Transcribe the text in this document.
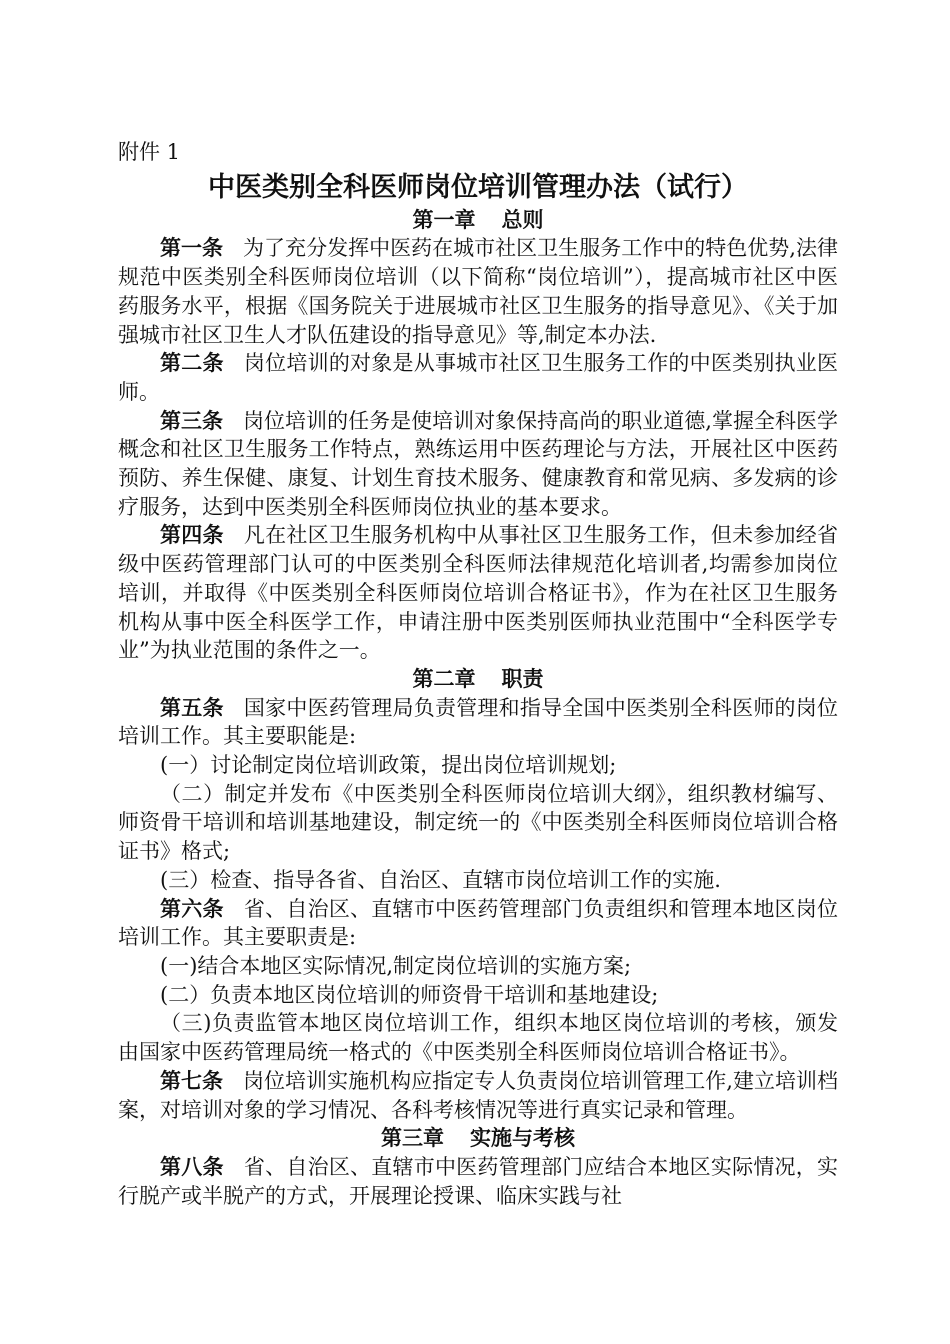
附件 1
中医类别全科医师岗位培训管理办法（试行）
第一章 总则

第一条 为了充分发挥中医药在城市社区卫生服务工作中的特色优势,法律规范中医类别全科医师岗位培训（以下简称“岗位培训”），提高城市社区中医药服务水平，根据《国务院关于进展城市社区卫生服务的指导意见》、《关于加强城市社区卫生人才队伍建设的指导意见》等,制定本办法.

第二条 岗位培训的对象是从事城市社区卫生服务工作的中医类别执业医师。

第三条 岗位培训的任务是使培训对象保持高尚的职业道德,掌握全科医学概念和社区卫生服务工作特点，熟练运用中医药理论与方法，开展社区中医药预防、养生保健、康复、计划生育技术服务、健康教育和常见病、多发病的诊疗服务，达到中医类别全科医师岗位执业的基本要求。

第四条 凡在社区卫生服务机构中从事社区卫生服务工作，但未参加经省级中医药管理部门认可的中医类别全科医师法律规范化培训者,均需参加岗位培训，并取得《中医类别全科医师岗位培训合格证书》，作为在社区卫生服务机构从事中医全科医学工作，申请注册中医类别医师执业范围中“全科医学专业”为执业范围的条件之一。

第二章 职责

第五条 国家中医药管理局负责管理和指导全国中医类别全科医师的岗位培训工作。其主要职能是:

(一）讨论制定岗位培训政策，提出岗位培训规划;

（二）制定并发布《中医类别全科医师岗位培训大纲》，组织教材编写、师资骨干培训和培训基地建设，制定统一的《中医类别全科医师岗位培训合格证书》格式;

(三）检查、指导各省、自治区、直辖市岗位培训工作的实施.

第六条 省、自治区、直辖市中医药管理部门负责组织和管理本地区岗位培训工作。其主要职责是:

(一)结合本地区实际情况,制定岗位培训的实施方案;

(二）负责本地区岗位培训的师资骨干培训和基地建设;

（三)负责监管本地区岗位培训工作，组织本地区岗位培训的考核，颁发由国家中医药管理局统一格式的《中医类别全科医师岗位培训合格证书》。

第七条 岗位培训实施机构应指定专人负责岗位培训管理工作,建立培训档案，对培训对象的学习情况、各科考核情况等进行真实记录和管理。

第三章 实施与考核

第八条 省、自治区、直辖市中医药管理部门应结合本地区实际情况，实行脱产或半脱产的方式，开展理论授课、临床实践与社
